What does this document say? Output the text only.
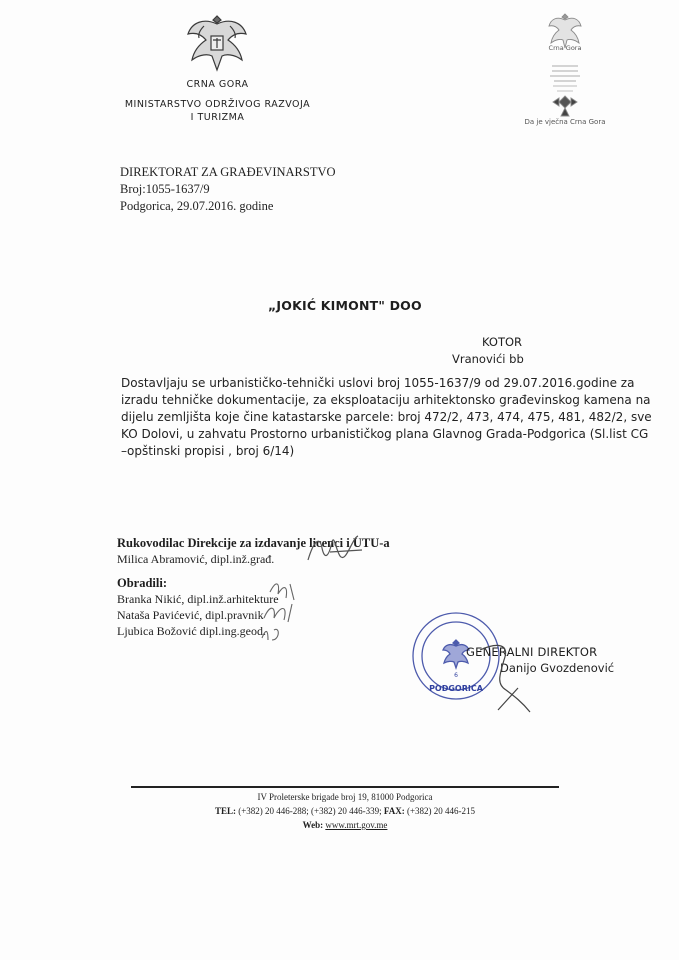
CRNA GORA
MINISTARSTVO ODRŽIVOG RAZVOJA
I TURIZMA
Crna Gora
Da je vječna Crna Gora
DIREKTORAT ZA GRAĐEVINARSTVO
Broj:1055-1637/9
Podgorica, 29.07.2016. godine
„JOKIĆ KIMONT" DOO
KOTOR
Vranovići bb
Dostavljaju se urbanističko-tehnički uslovi broj 1055-1637/9 od 29.07.2016.godine za
izradu tehničke dokumentacije, za eksploataciju arhitektonsko građevinskog kamena na
dijelu zemljišta koje čine katastarske parcele: broj 472/2, 473, 474, 475, 481, 482/2, sve
KO Dolovi, u zahvatu Prostorno urbanističkog plana Glavnog Grada-Podgorica (Sl.list CG
–opštinski propisi , broj 6/14)
Rukovodilac Direkcije za izdavanje licenci i UTU-a
Milica Abramović, dipl.inž.građ.
Obradili:
Branka Nikić, dipl.inž.arhitekture
Nataša Pavićević, dipl.pravnik
Ljubica Božović dipl.ing.geod.
6
PODGORICA
GENERALNI DIREKTOR
Danijo Gvozdenović
IV Proleterske brigade broj 19, 81000 Podgorica
TEL: (+382) 20 446-288; (+382) 20 446-339; FAX: (+382) 20 446-215
Web: www.mrt.gov.me
